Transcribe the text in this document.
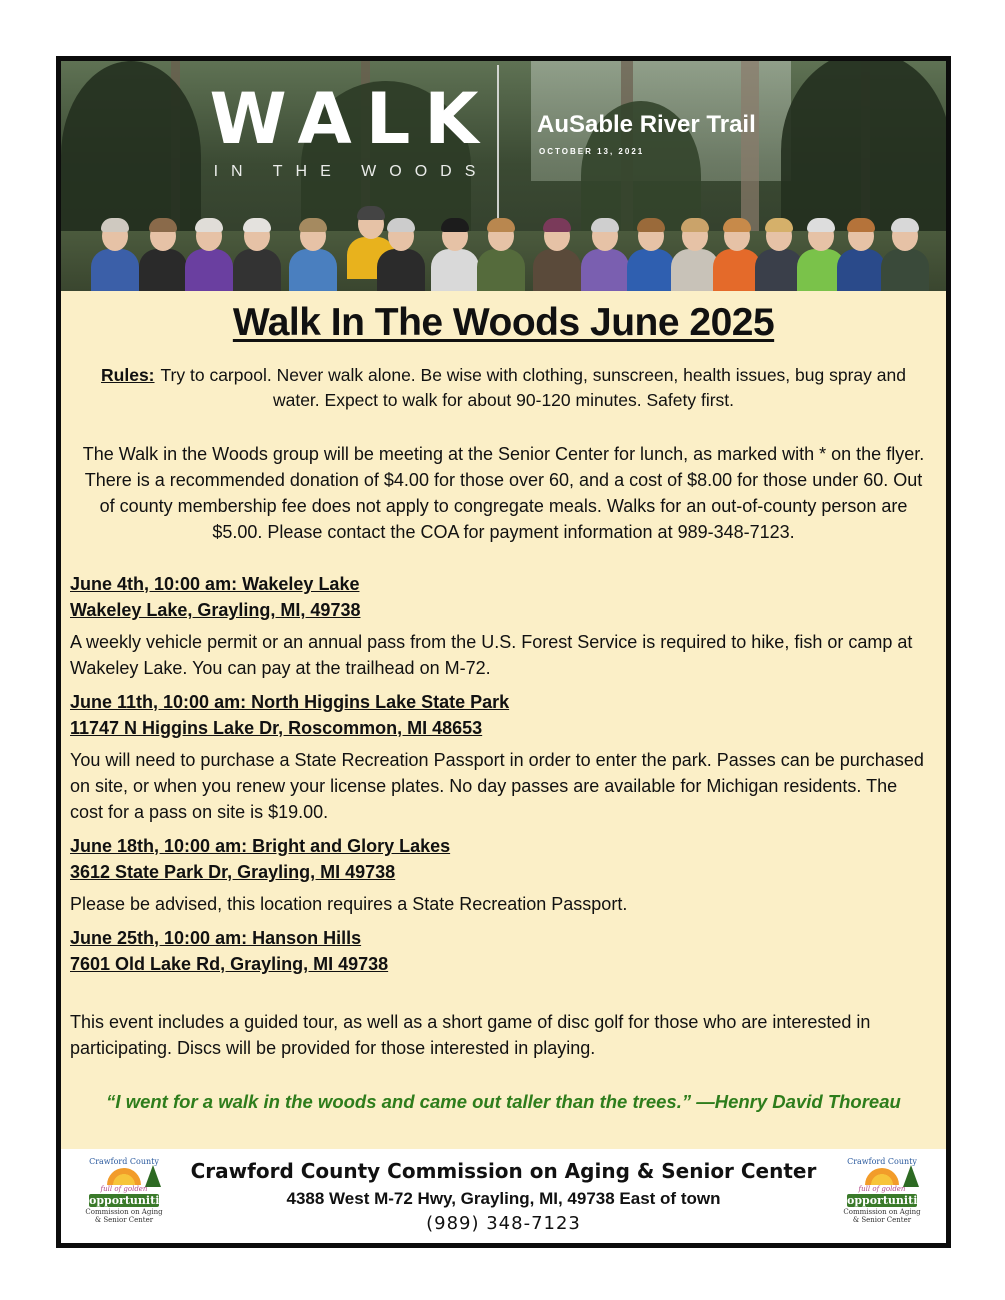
WALK
IN THE WOODS
AuSable River Trail
OCTOBER 13, 2021
Walk In The Woods June 2025
Rules: Try to carpool. Never walk alone. Be wise with clothing, sunscreen, health issues, bug spray and water. Expect to walk for about 90-120 minutes. Safety first.
The Walk in the Woods group will be meeting at the Senior Center for lunch, as marked with * on the flyer. There is a recommended donation of $4.00 for those over 60, and a cost of $8.00 for those under 60. Out of county membership fee does not apply to congregate meals. Walks for an out-of-county person are $5.00. Please contact the COA for payment information at 989-348-7123.
June 4th, 10:00 am: Wakeley Lake
Wakeley Lake, Grayling, MI, 49738
A weekly vehicle permit or an annual pass from the U.S. Forest Service is required to hike, fish or camp at Wakeley Lake. You can pay at the trailhead on M-72.
June 11th, 10:00 am: North Higgins Lake State Park
11747 N Higgins Lake Dr, Roscommon, MI 48653
You will need to purchase a State Recreation Passport in order to enter the park. Passes can be purchased on site, or when you renew your license plates. No day passes are available for Michigan residents. The cost for a pass on site is $19.00.
June 18th, 10:00 am: Bright and Glory Lakes
3612 State Park Dr, Grayling, MI 49738
Please be advised, this location requires a State Recreation Passport.
June 25th, 10:00 am: Hanson Hills
7601 Old Lake Rd, Grayling, MI 49738
This event includes a guided tour, as well as a short game of disc golf for those who are interested in participating. Discs will be provided for those interested in playing.
“I went for a walk in the woods and came out taller than the trees.” —Henry David Thoreau
Crawford County
full of golden
opportunities
Commission on Aging & Senior Center
Crawford County Commission on Aging & Senior Center
4388 West M-72 Hwy, Grayling, MI, 49738 East of town
(989) 348-7123
Crawford County
full of golden
opportunities
Commission on Aging & Senior Center
